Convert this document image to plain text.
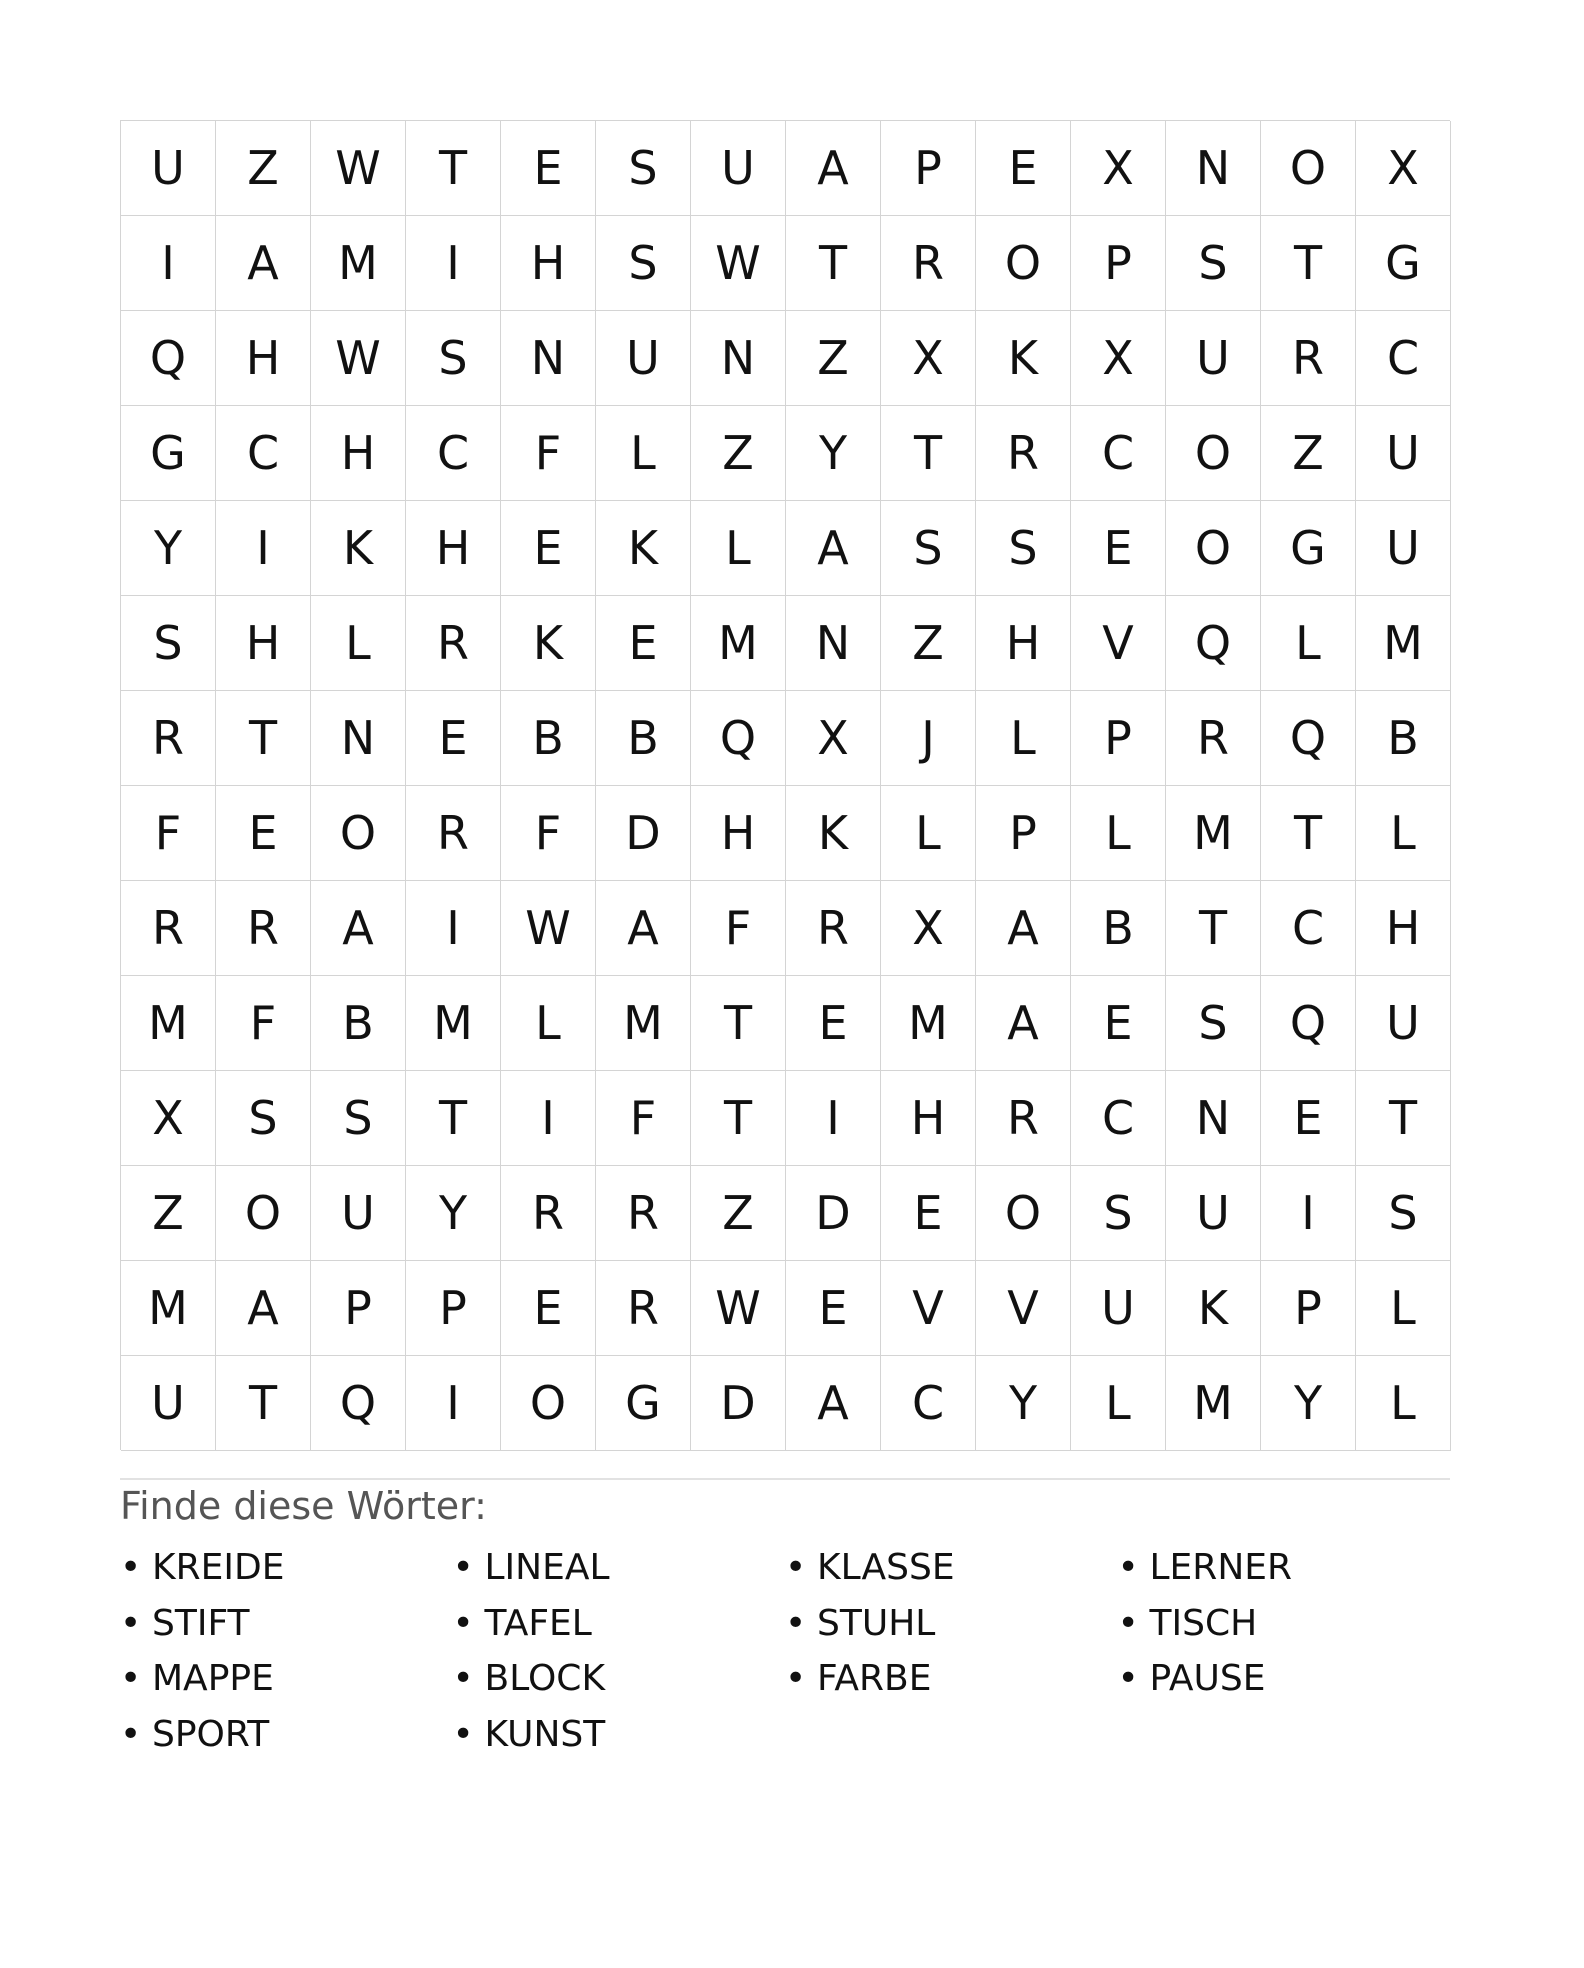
U	Z	W	T	E	S	U	A	P	E	X	N	O	X
I	A	M	I	H	S	W	T	R	O	P	S	T	G
Q	H	W	S	N	U	N	Z	X	K	X	U	R	C
G	C	H	C	F	L	Z	Y	T	R	C	O	Z	U
Y	I	K	H	E	K	L	A	S	S	E	O	G	U
S	H	L	R	K	E	M	N	Z	H	V	Q	L	M
R	T	N	E	B	B	Q	X	J	L	P	R	Q	B
F	E	O	R	F	D	H	K	L	P	L	M	T	L
R	R	A	I	W	A	F	R	X	A	B	T	C	H
M	F	B	M	L	M	T	E	M	A	E	S	Q	U
X	S	S	T	I	F	T	I	H	R	C	N	E	T
Z	O	U	Y	R	R	Z	D	E	O	S	U	I	S
M	A	P	P	E	R	W	E	V	V	U	K	P	L
U	T	Q	I	O	G	D	A	C	Y	L	M	Y	L
Finde diese Wörter:
• KREIDE	• LINEAL	• KLASSE	• LERNER
• STIFT	• TAFEL	• STUHL	• TISCH
• MAPPE	• BLOCK	• FARBE	• PAUSE
• SPORT	• KUNST
